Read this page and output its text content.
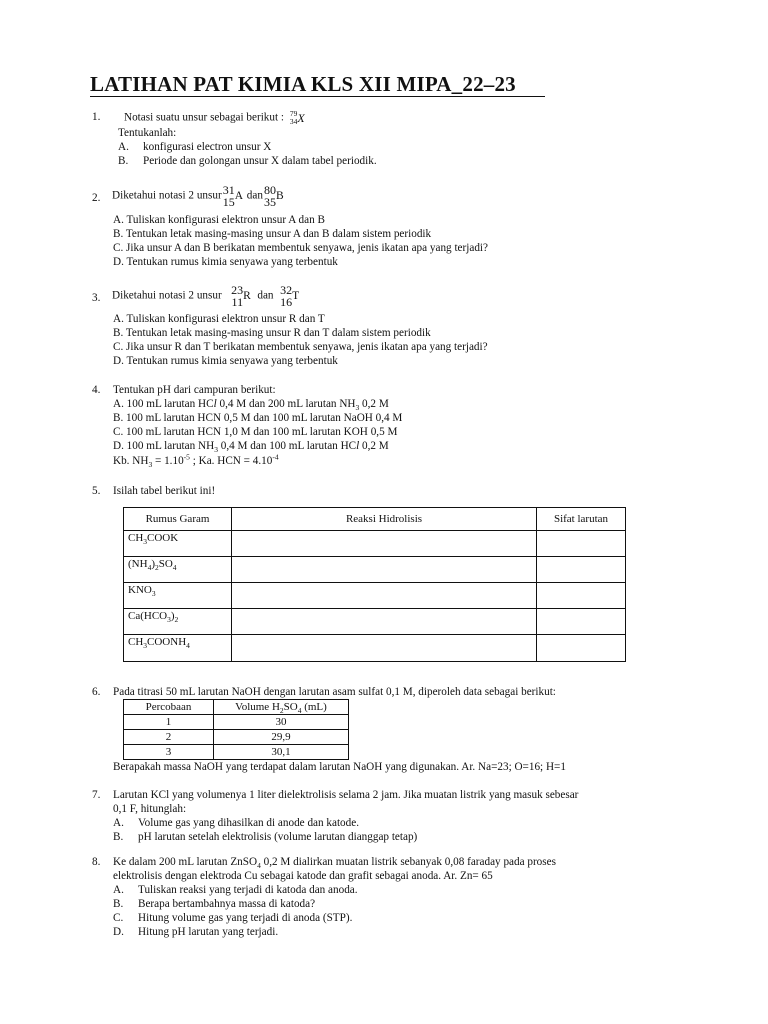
LATIHAN PAT KIMIA KLS XII MIPA_22–23
1. Notasi suatu unsur sebagai berikut : 79
34 X
Tentukanlah:
A. konfigurasi electron unsur X
B. Periode dan golongan unsur X dalam tabel periodik.
2. Diketahui notasi 2 unsur 31
15 A dan 80
35 B
A. Tuliskan konfigurasi elektron unsur A dan B
B. Tentukan letak masing-masing unsur A dan B dalam sistem periodik
C. Jika unsur A dan B berikatan membentuk senyawa, jenis ikatan apa yang terjadi?
D. Tentukan rumus kimia senyawa yang terbentuk
3. Diketahui notasi 2 unsur 23
11 R dan 32
16 T
A. Tuliskan konfigurasi elektron unsur R dan T
B. Tentukan letak masing-masing unsur R dan T dalam sistem periodik
C. Jika unsur R dan T berikatan membentuk senyawa, jenis ikatan apa yang terjadi?
D. Tentukan rumus kimia senyawa yang terbentuk
4. Tentukan pH dari campuran berikut:
A. 100 mL larutan HCl 0,4 M dan 200 mL larutan $NH_3$ 0,2 M
B. 100 mL larutan HCN 0,5 M dan 100 mL larutan NaOH 0,4 M
C. 100 mL larutan HCN 1,0 M dan 100 mL larutan KOH 0,5 M
D. 100 mL larutan $NH_3$ 0,4 M dan 100 mL larutan HCl 0,2 M
Kb. $NH_3 = 1.10^{-5}$ ; Ka. HCN = $4.10^{-4}$
5. Isilah tabel berikut ini!
Rumus Garam	Reaksi Hidrolisis	Sifat larutan
$CH_3COOK$		
$(NH_4)_2SO_4$		
$KNO_3$		
$Ca(HCO_3)_2$		
$CH_3COONH_4$		
6. Pada titrasi 50 mL larutan NaOH dengan larutan asam sulfat 0,1 M, diperoleh data sebagai berikut:
Percobaan	Volume $H_2SO_4$ (mL)
1	30
2	29,9
3	30,1
Berapakah massa NaOH yang terdapat dalam larutan NaOH yang digunakan. Ar. Na=23; O=16; H=1
7. Larutan KCl yang volumenya 1 liter dielektrolisis selama 2 jam. Jika muatan listrik yang masuk sebesar
0,1 F, hitunglah:
A. Volume gas yang dihasilkan di anode dan katode.
B. pH larutan setelah elektrolisis (volume larutan dianggap tetap)
8. Ke dalam 200 mL larutan ZnSO$_4$ 0,2 M dialirkan muatan listrik sebanyak 0,08 faraday pada proses
elektrolisis dengan elektroda Cu sebagai katode dan grafit sebagai anoda. Ar. Zn= 65
A. Tuliskan reaksi yang terjadi di katoda dan anoda.
B. Berapa bertambahnya massa di katoda?
C. Hitung volume gas yang terjadi di anoda (STP).
D. Hitung pH larutan yang terjadi.
